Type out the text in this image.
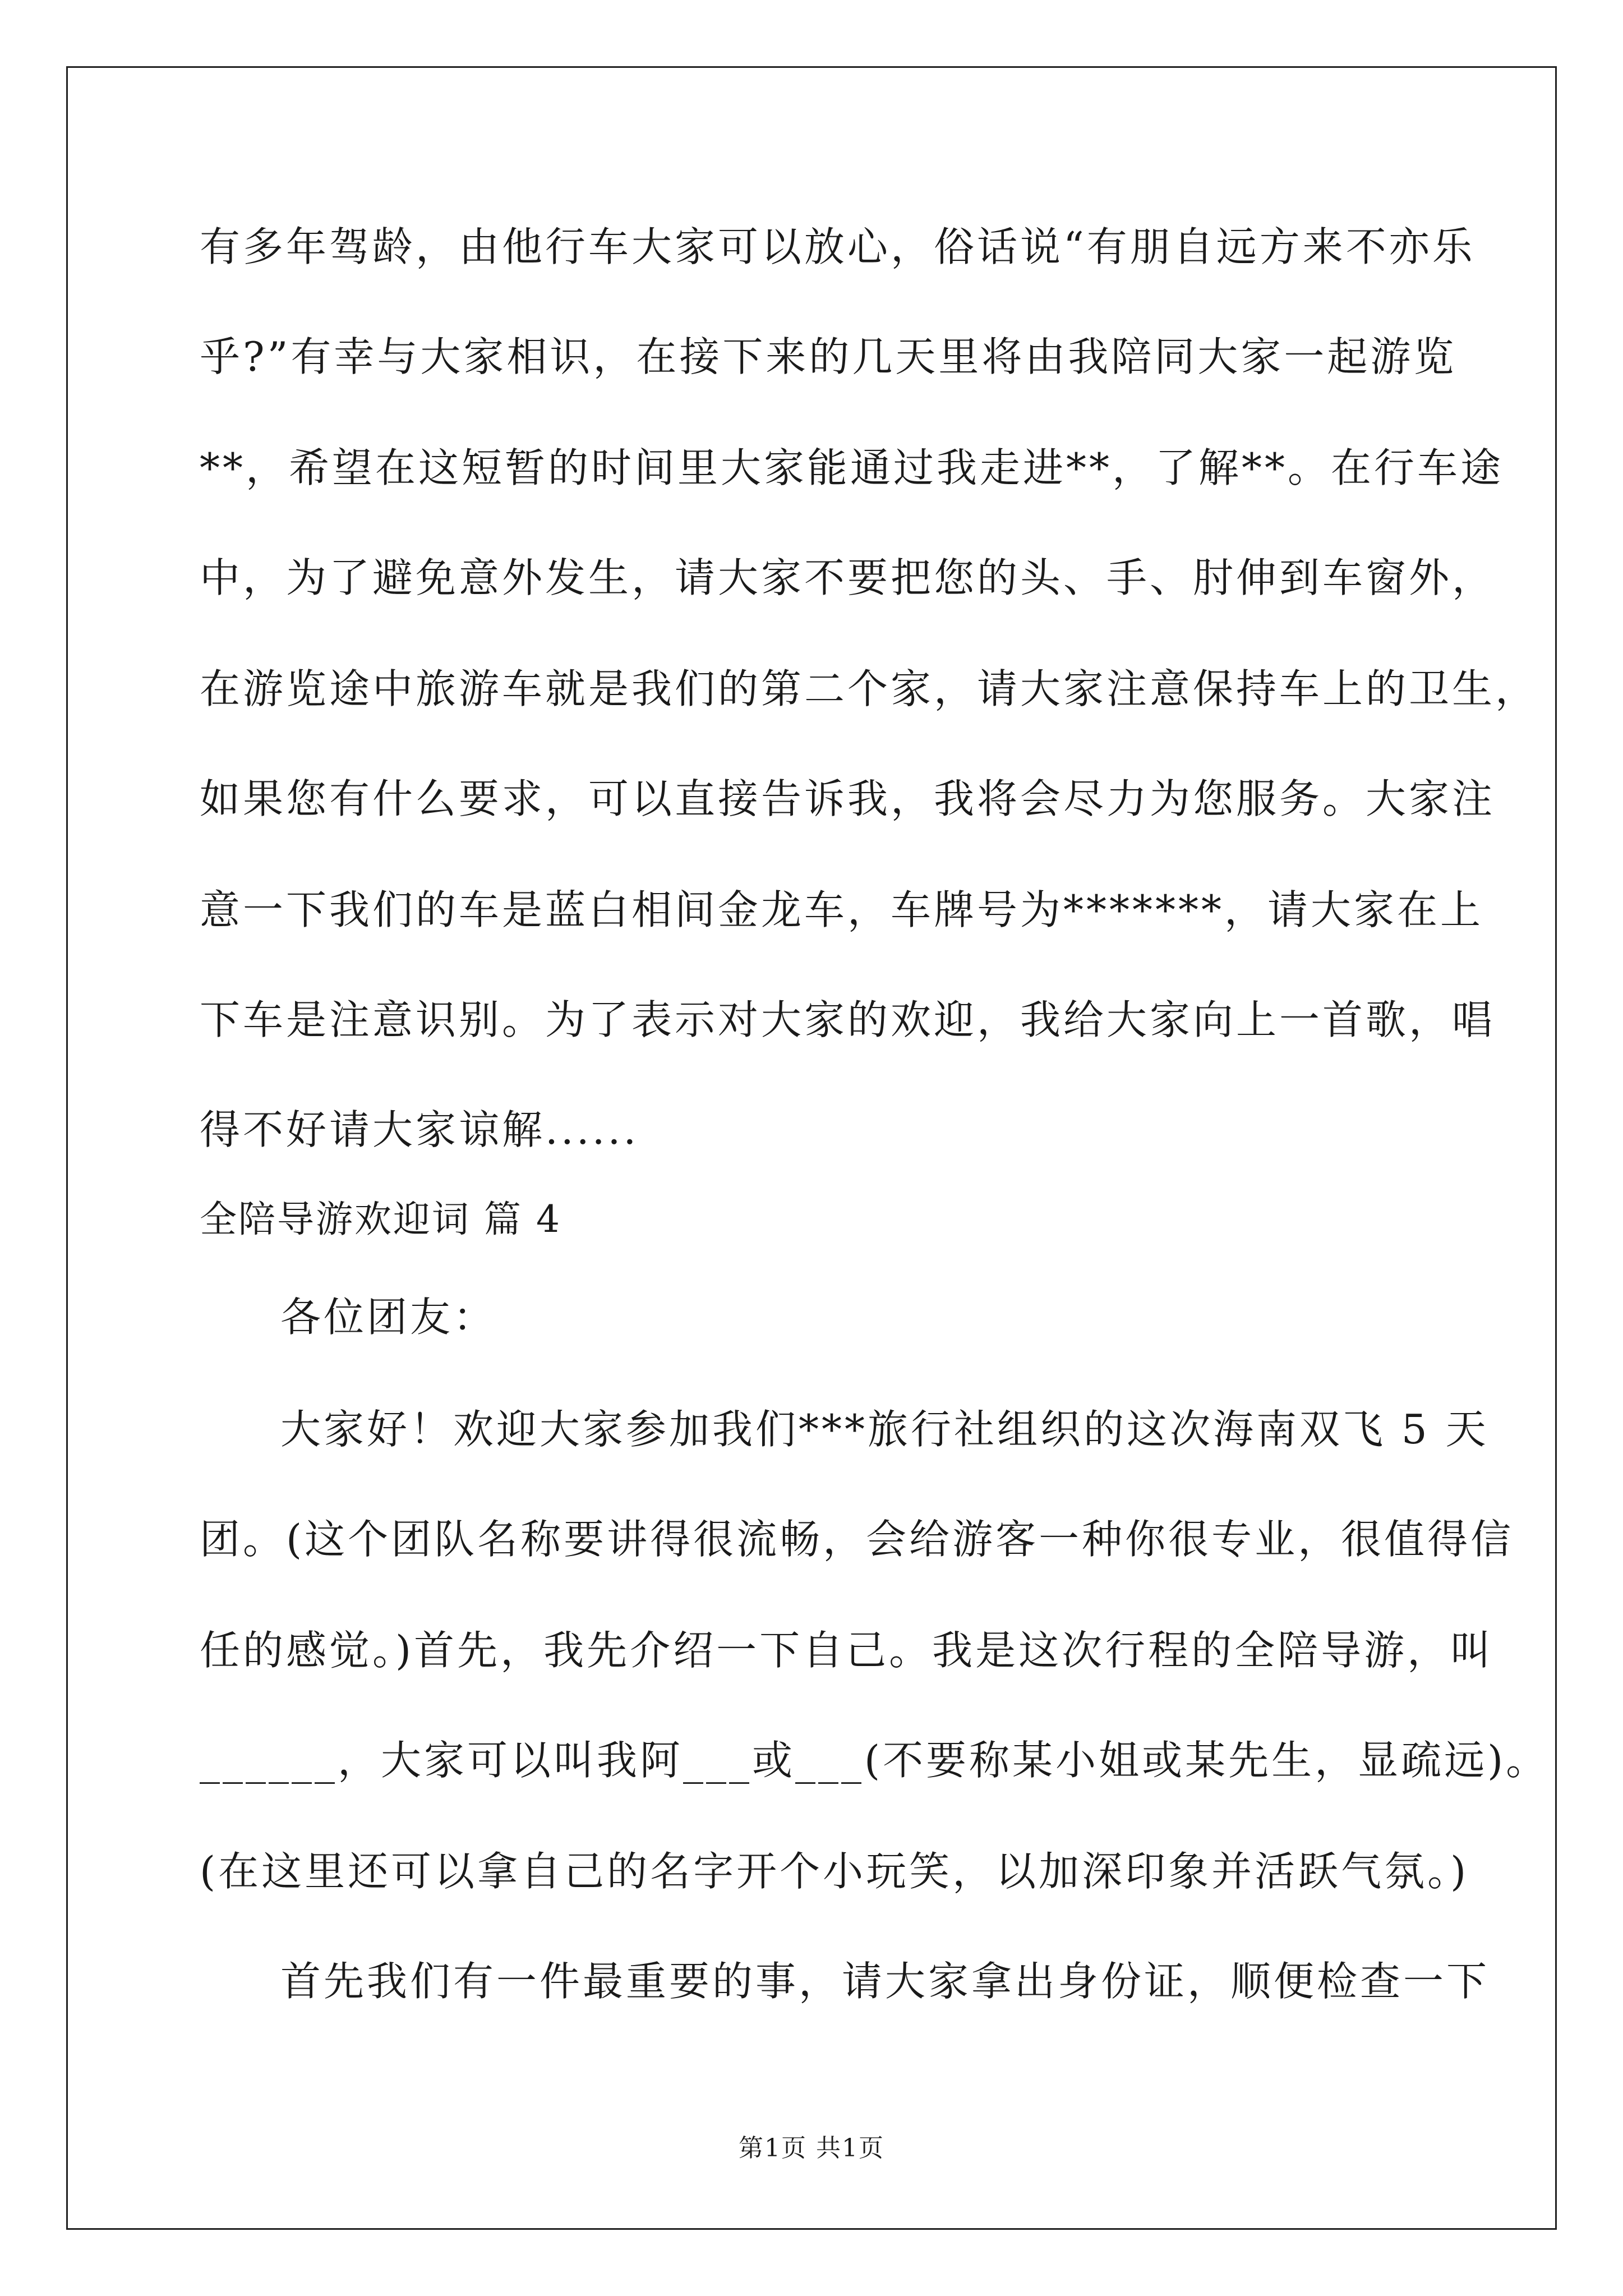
有多年驾龄，由他行车大家可以放心，俗话说“有朋自远方来不亦乐
乎?”有幸与大家相识，在接下来的几天里将由我陪同大家一起游览
**，希望在这短暂的时间里大家能通过我走进**，了解**。在行车途
中，为了避免意外发生，请大家不要把您的头、手、肘伸到车窗外，
在游览途中旅游车就是我们的第二个家，请大家注意保持车上的卫生，
如果您有什么要求，可以直接告诉我，我将会尽力为您服务。大家注
意一下我们的车是蓝白相间金龙车，车牌号为*******，请大家在上
下车是注意识别。为了表示对大家的欢迎，我给大家向上一首歌，唱
得不好请大家谅解......
全陪导游欢迎词 篇 4
各位团友：
大家好！欢迎大家参加我们***旅行社组织的这次海南双飞 5 天
团。(这个团队名称要讲得很流畅，会给游客一种你很专业，很值得信
任的感觉。)首先，我先介绍一下自己。我是这次行程的全陪导游，叫
______，大家可以叫我阿___或___(不要称某小姐或某先生，显疏远)。
(在这里还可以拿自己的名字开个小玩笑，以加深印象并活跃气氛。)
首先我们有一件最重要的事，请大家拿出身份证，顺便检查一下
第1页 共1页
